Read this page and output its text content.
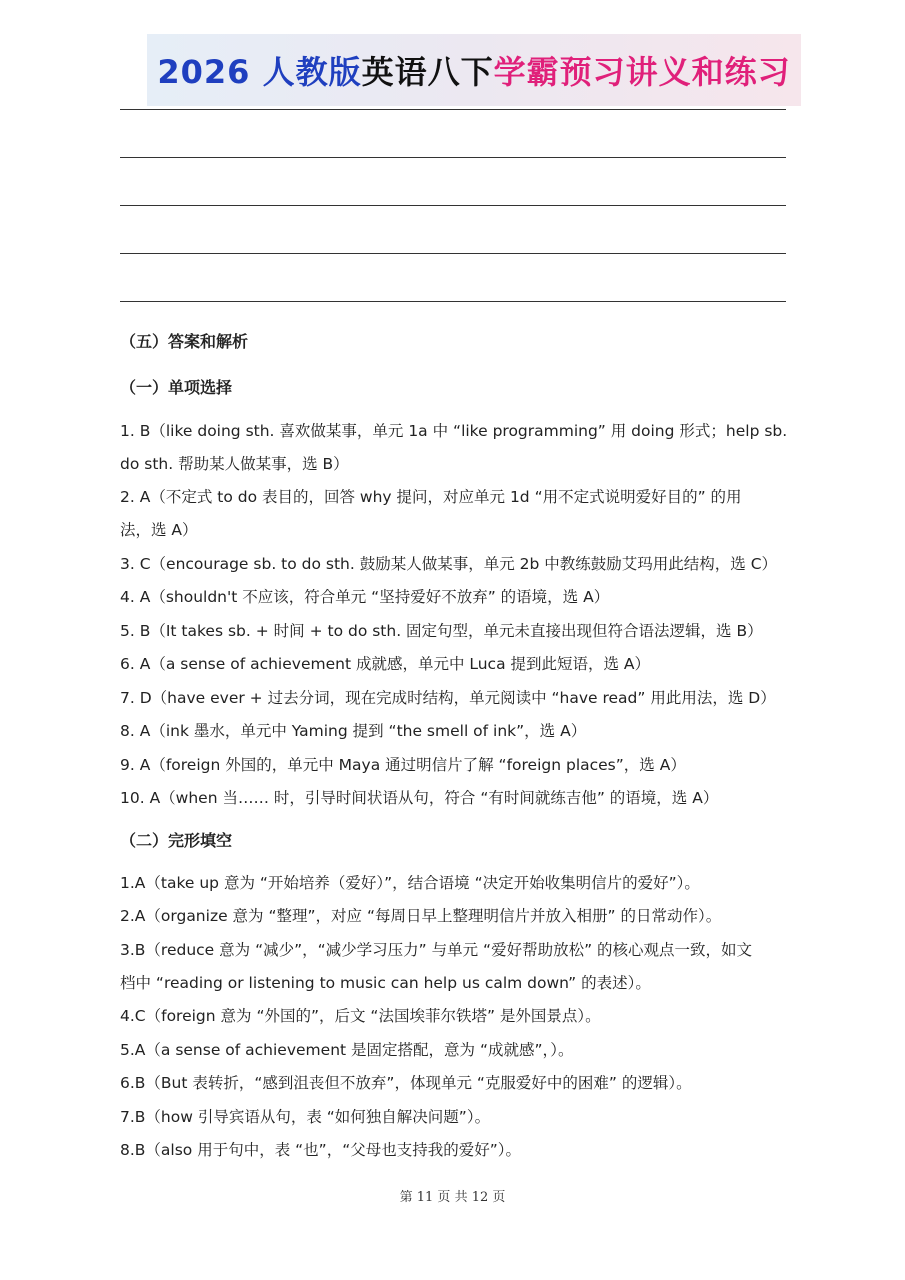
2026 人教版 英语八下 学霸预习讲义和练习
（五）答案和解析
（一）单项选择
1. B（like doing sth. 喜欢做某事，单元 1a 中 “like programming” 用 doing 形式；help sb.
do sth. 帮助某人做某事，选 B）
2. A（不定式 to do 表目的，回答 why 提问，对应单元 1d “用不定式说明爱好目的” 的用
法，选 A）
3. C（encourage sb. to do sth. 鼓励某人做某事，单元 2b 中教练鼓励艾玛用此结构，选 C）
4. A（shouldn't 不应该，符合单元 “坚持爱好不放弃” 的语境，选 A）
5. B（It takes sb. + 时间 + to do sth. 固定句型，单元未直接出现但符合语法逻辑，选 B）
6. A（a sense of achievement 成就感，单元中 Luca 提到此短语，选 A）
7. D（have ever + 过去分词，现在完成时结构，单元阅读中 “have read” 用此用法，选 D）
8. A（ink 墨水，单元中 Yaming 提到 “the smell of ink”，选 A）
9. A（foreign 外国的，单元中 Maya 通过明信片了解 “foreign places”，选 A）
10. A（when 当…… 时，引导时间状语从句，符合 “有时间就练吉他” 的语境，选 A）
（二）完形填空
1.A（take up 意为 “开始培养（爱好）”，结合语境 “决定开始收集明信片的爱好”）。
2.A（organize 意为 “整理”，对应 “每周日早上整理明信片并放入相册” 的日常动作）。
3.B（reduce 意为 “减少”，“减少学习压力” 与单元 “爱好帮助放松” 的核心观点一致，如文
档中 “reading or listening to music can help us calm down” 的表述）。
4.C（foreign 意为 “外国的”，后文 “法国埃菲尔铁塔” 是外国景点）。
5.A（a sense of achievement 是固定搭配，意为 “成就感”，）。
6.B（But 表转折，“感到沮丧但不放弃”，体现单元 “克服爱好中的困难” 的逻辑）。
7.B（how 引导宾语从句，表 “如何独自解决问题”）。
8.B（also 用于句中，表 “也”，“父母也支持我的爱好”）。
第 11 页 共 12 页
